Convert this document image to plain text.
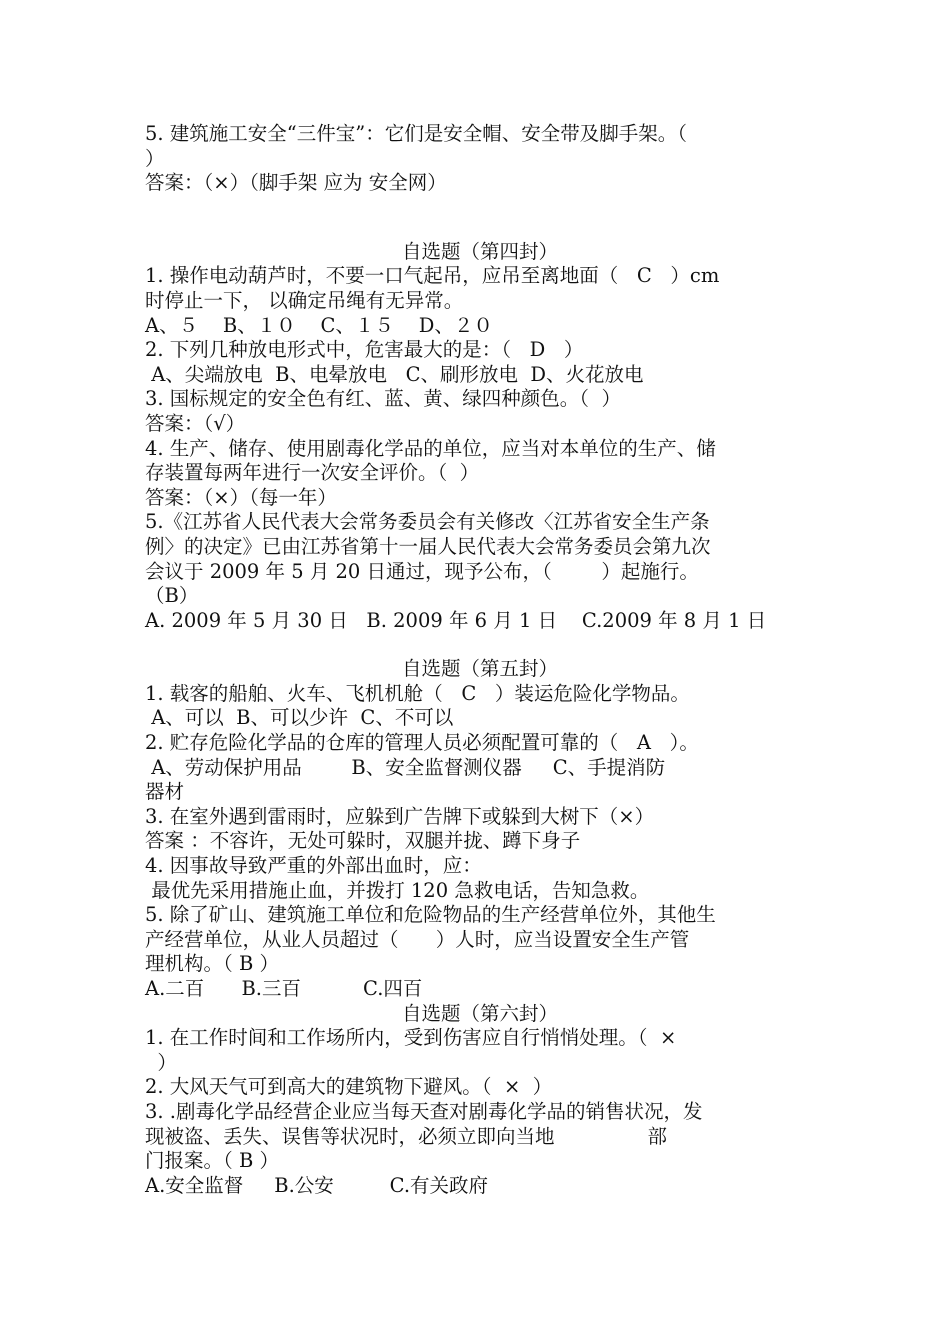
5. 建筑施工安全“三件宝”：它们是安全帽、安全带及脚手架。（
）
答案：（×）（脚手架 应为 安全网）
自选题（第四封）
1. 操作电动葫芦时，不要一口气起吊，应吊至离地面（   C   ）cm
时停止一下， 以确定吊绳有无异常。
A、５    B、１０    C、１５    D、２０
2. 下列几种放电形式中，危害最大的是：（   D   ）
A、尖端放电  B、电晕放电   C、刷形放电  D、火花放电
3. 国标规定的安全色有红、蓝、黄、绿四种颜色。（  ）
答案：（√）
4. 生产、储存、使用剧毒化学品的单位，应当对本单位的生产、储
存装置每两年进行一次安全评价。（  ）
答案：（×）（每一年）
5.《江苏省人民代表大会常务委员会有关修改〈江苏省安全生产条
例〉的决定》已由江苏省第十一届人民代表大会常务委员会第九次
会议于 2009 年 5 月 20 日通过，现予公布，（        ）起施行。
（B）
A. 2009 年 5 月 30 日   B. 2009 年 6 月 1 日    C.2009 年 8 月 1 日
自选题（第五封）
1. 载客的船舶、火车、飞机机舱（   C   ）装运危险化学物品。
A、可以  B、可以少许  C、不可以
2. 贮存危险化学品的仓库的管理人员必须配置可靠的（   A   ）。
A、劳动保护用品        B、安全监督测仪器     C、手提消防
器材
3. 在室外遇到雷雨时，应躲到广告牌下或躲到大树下（×）
答案 ：不容许，无处可躲时，双腿并拢、蹲下身子
4. 因事故导致严重的外部出血时，应：
最优先采用措施止血，并拨打 120 急救电话，告知急救。
5. 除了矿山、建筑施工单位和危险物品的生产经营单位外，其他生
产经营单位，从业人员超过（      ）人时，应当设置安全生产管
理机构。（ B ）
A.二百      B.三百          C.四百
自选题（第六封）
1. 在工作时间和工作场所内，受到伤害应自行悄悄处理。（  ×
）
2. 大风天气可到高大的建筑物下避风。（  ×  ）
3. .剧毒化学品经营企业应当每天查对剧毒化学品的销售状况，发
现被盗、丢失、误售等状况时，必须立即向当地               部
门报案。（ B ）
A.安全监督     B.公安         C.有关政府
